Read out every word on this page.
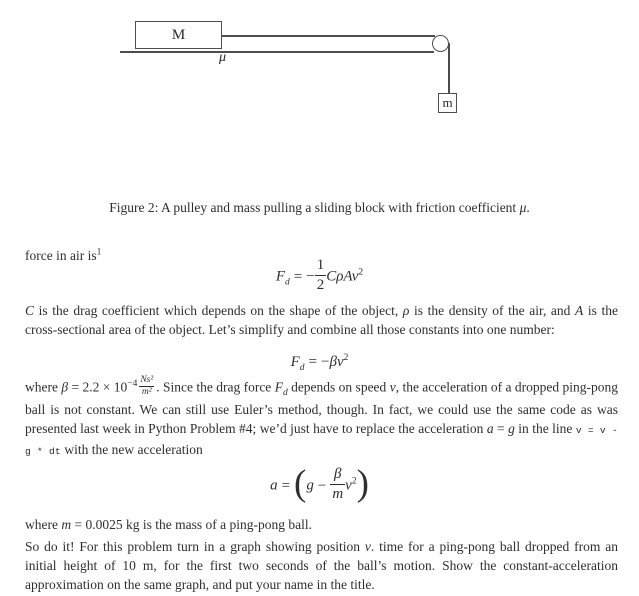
M
m
μ
Figure 2: A pulley and mass pulling a sliding block with friction coefficient μ.
force in air $is^1$
$F_d$ = − $\frac{1}{2} C\rho Av^2$
C is the drag coefficient which depends on the shape of the object, ρ is the density of the air, and A is the cross-sectional area of the object. Let’s simplify and combine all those constants into one number:
$F_d = -\beta v^2$
where $\beta = 2.2 \times 10^{-4} \frac{\text{Ns²}}{\text{m²}}$ . Since the drag force $F_d$ depends on speed v, the acceleration of a dropped ping-pong ball is not constant. We can still use Euler’s method, though. In fact, we could use the same code as was presented last week in Python Problem #4; we’d just have to replace the acceleration a = g in the line v = v - g * dt with the new acceleration
$a = (g - \frac{\beta}{m} v^2)$
where m = 0.0025 kg is the mass of a ping-pong ball.
So do it! For this problem turn in a graph showing position v. time for a ping-pong ball dropped from an initial height of 10 m, for the first two seconds of the ball’s motion. Show the constant-acceleration approximation on the same graph, and put your name in the title.
